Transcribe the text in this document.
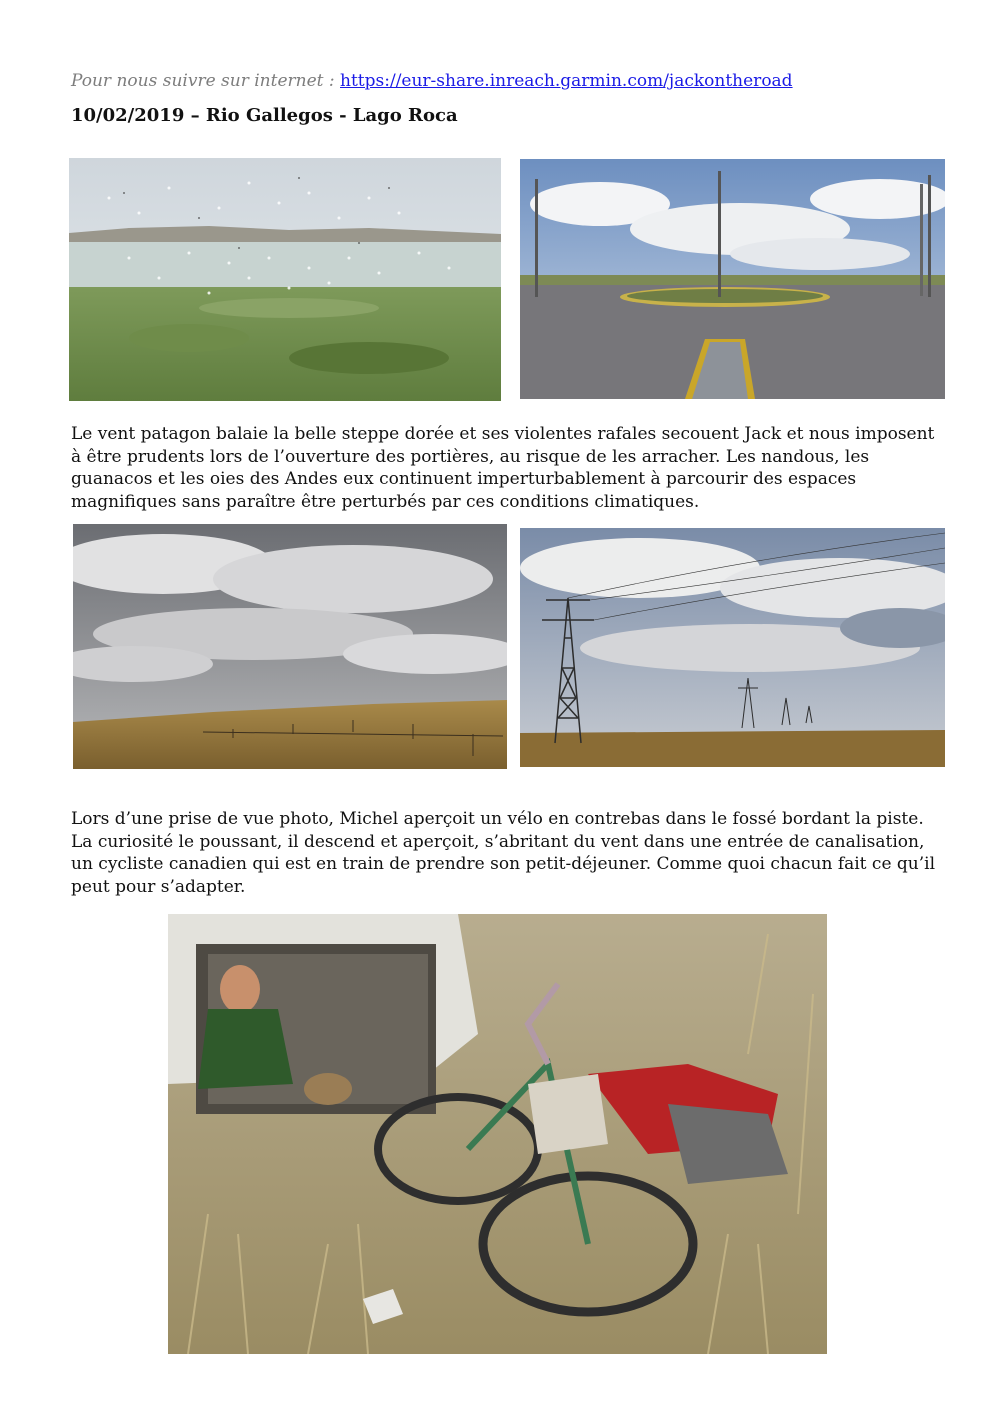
Pour nous suivre sur internet : https://eur-share.inreach.garmin.com/jackontheroad
10/02/2019 – Rio Gallegos - Lago Roca

Le vent patagon balaie la belle steppe dorée et ses violentes rafales secouent Jack et nous imposent à être prudents lors de l’ouverture des portières, au risque de les arracher. Les nandous, les guanacos et les oies des Andes eux continuent imperturbablement à parcourir des espaces magnifiques sans paraître être perturbés par ces conditions climatiques.

Lors d’une prise de vue photo, Michel aperçoit un vélo en contrebas dans le fossé bordant la piste. La curiosité le poussant, il descend et aperçoit, s’abritant du vent dans une entrée de canalisation, un cycliste canadien qui est en train de prendre son petit-déjeuner. Comme quoi chacun fait ce qu’il peut pour s’adapter.
